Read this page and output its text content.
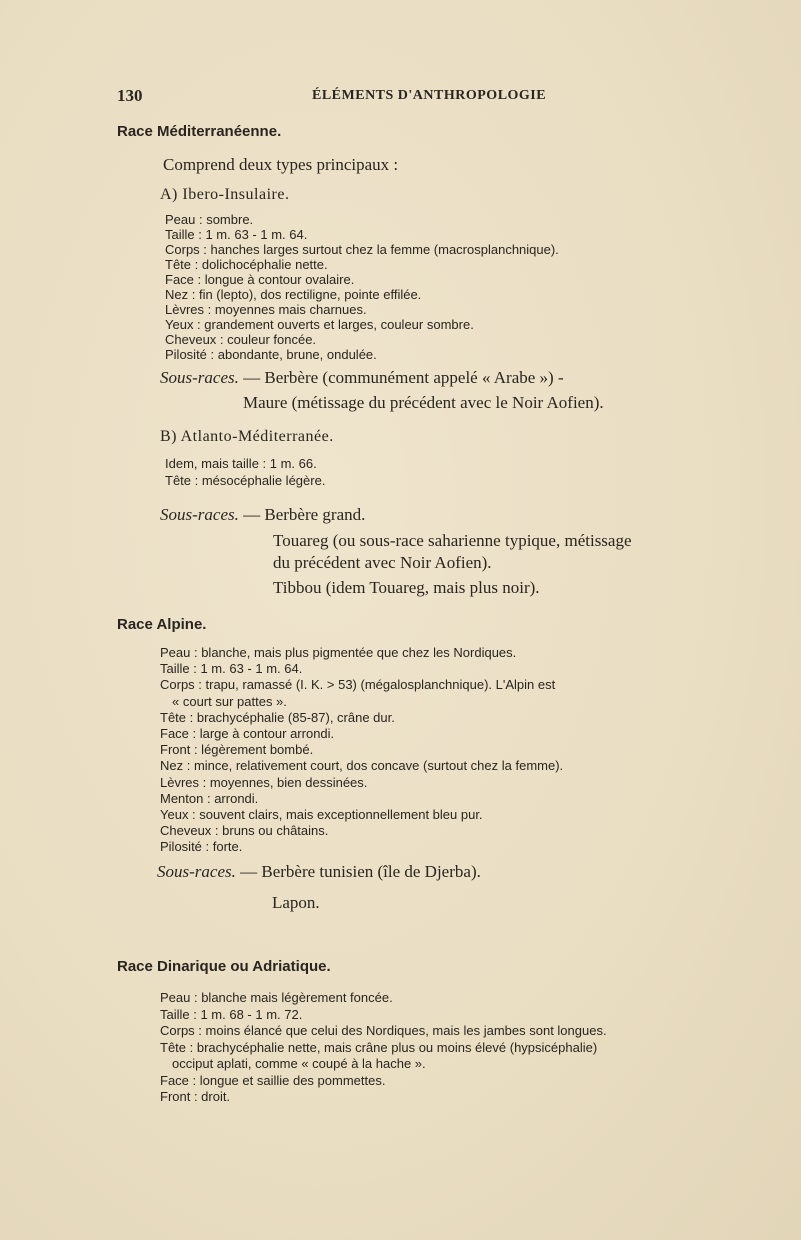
130	ÉLÉMENTS D'ANTHROPOLOGIE
Race Méditerranéenne.
Comprend deux types principaux :
A) Ibero-Insulaire.
Peau : sombre.
Taille : 1 m. 63 - 1 m. 64.
Corps : hanches larges surtout chez la femme (macrosplanchnique).
Tête : dolichocéphalie nette.
Face : longue à contour ovalaire.
Nez : fin (lepto), dos rectiligne, pointe effilée.
Lèvres : moyennes mais charnues.
Yeux : grandement ouverts et larges, couleur sombre.
Cheveux : couleur foncée.
Pilosité : abondante, brune, ondulée.
Sous-races. — Berbère (communément appelé « Arabe ») -
Maure (métissage du précédent avec le Noir Aofien).
B) Atlanto-Méditerranée.
Idem, mais taille : 1 m. 66.
Tête : mésocéphalie légère.
Sous-races. — Berbère grand.
Touareg (ou sous-race saharienne typique, métissage
du précédent avec Noir Aofien).
Tibbou (idem Touareg, mais plus noir).
Race Alpine.
Peau : blanche, mais plus pigmentée que chez les Nordiques.
Taille : 1 m. 63 - 1 m. 64.
Corps : trapu, ramassé (I. K. > 53) (mégalosplanchnique). L'Alpin est
« court sur pattes ».
Tête : brachycéphalie (85-87), crâne dur.
Face : large à contour arrondi.
Front : légèrement bombé.
Nez : mince, relativement court, dos concave (surtout chez la femme).
Lèvres : moyennes, bien dessinées.
Menton : arrondi.
Yeux : souvent clairs, mais exceptionnellement bleu pur.
Cheveux : bruns ou châtains.
Pilosité : forte.
Sous-races. — Berbère tunisien (île de Djerba).
Lapon.
Race Dinarique ou Adriatique.
Peau : blanche mais légèrement foncée.
Taille : 1 m. 68 - 1 m. 72.
Corps : moins élancé que celui des Nordiques, mais les jambes sont longues.
Tête : brachycéphalie nette, mais crâne plus ou moins élevé (hypsicéphalie)
occiput aplati, comme « coupé à la hache ».
Face : longue et saillie des pommettes.
Front : droit.
